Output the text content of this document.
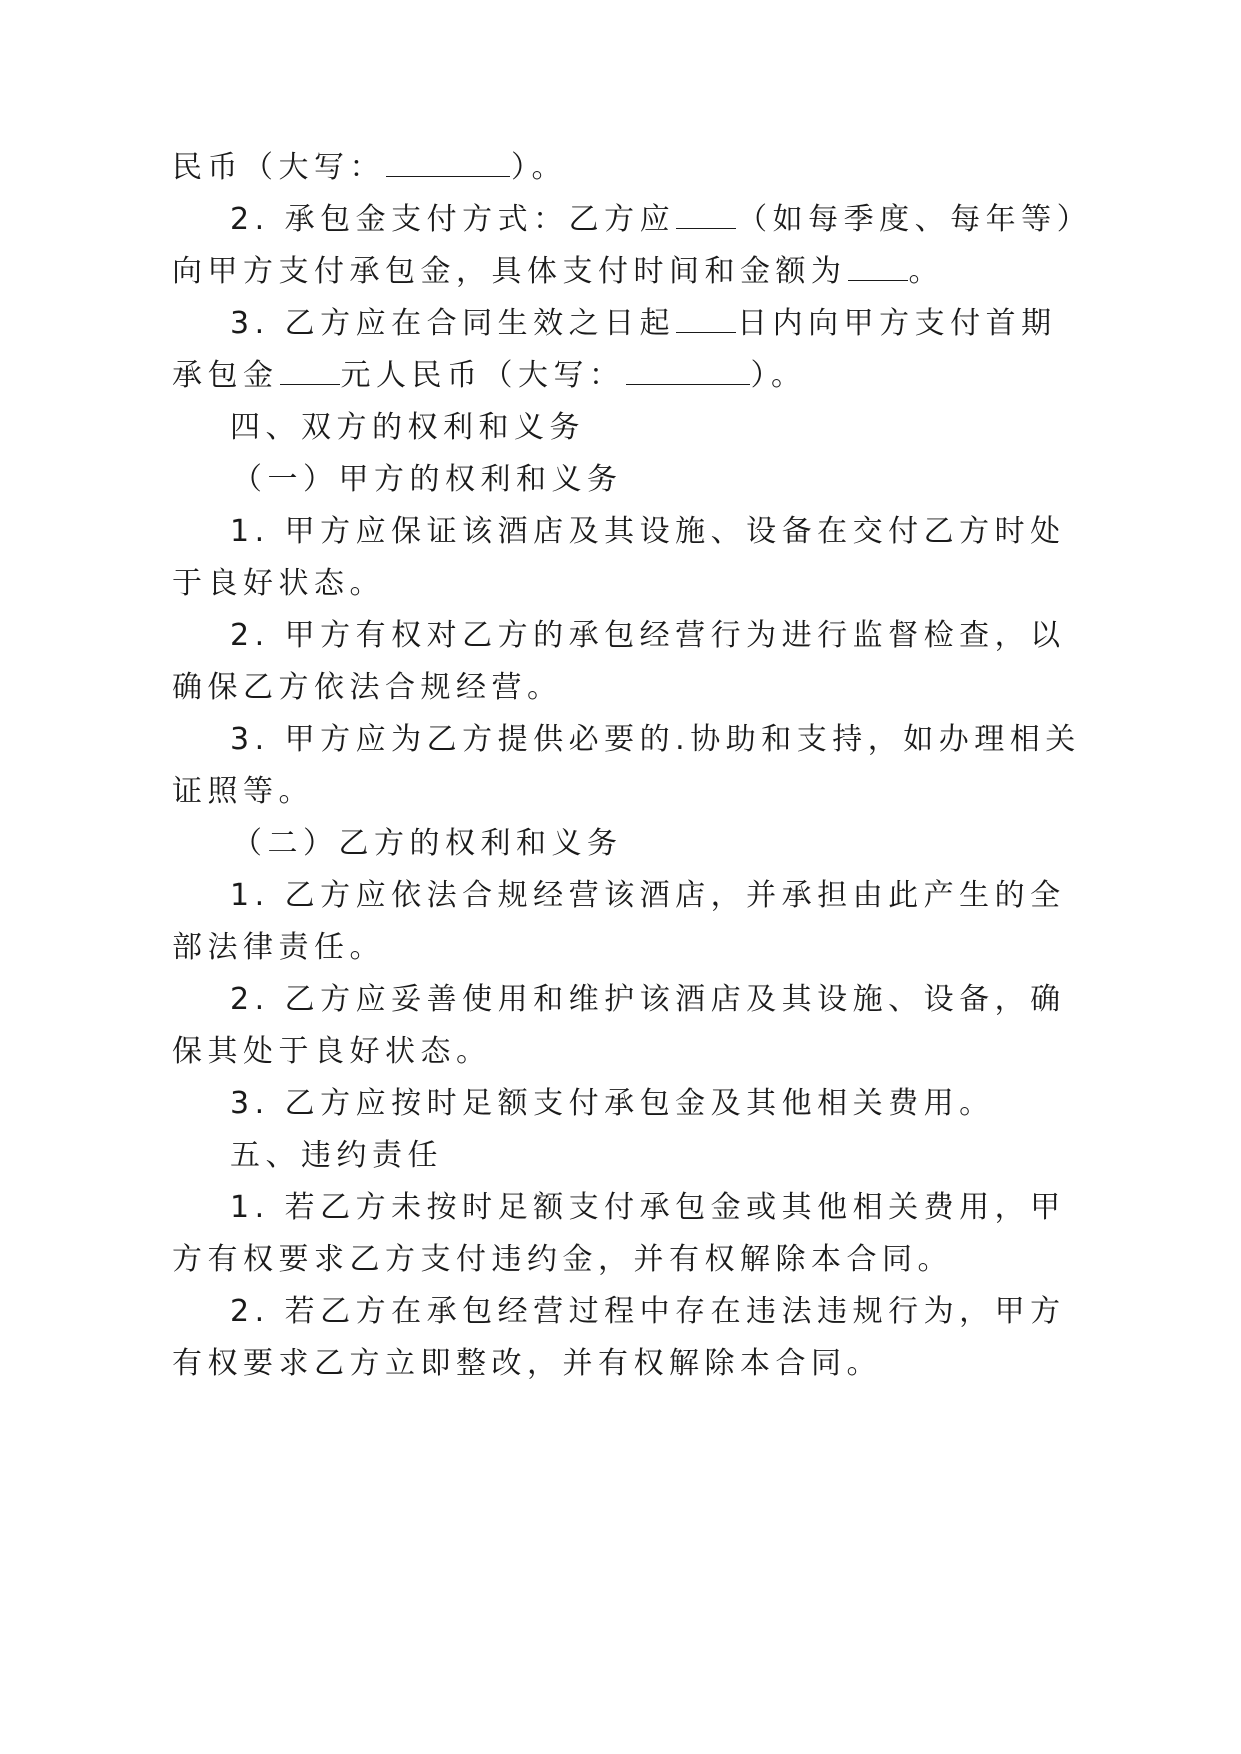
民币（大写：	）。
2. 承包金支付方式：乙方应 （如每季度、每年等）
向甲方支付承包金，具体支付时间和金额为 。
3. 乙方应在合同生效之日起 日内向甲方支付首期
承包金 元人民币（大写：	）。
四、双方的权利和义务
（一）甲方的权利和义务
1. 甲方应保证该酒店及其设施、设备在交付乙方时处
于良好状态。
2. 甲方有权对乙方的承包经营行为进行监督检查，以
确保乙方依法合规经营。
3. 甲方应为乙方提供必要的.协助和支持，如办理相关
证照等。
（二）乙方的权利和义务
1. 乙方应依法合规经营该酒店，并承担由此产生的全
部法律责任。
2. 乙方应妥善使用和维护该酒店及其设施、设备，确
保其处于良好状态。
3. 乙方应按时足额支付承包金及其他相关费用。
五、违约责任
1. 若乙方未按时足额支付承包金或其他相关费用，甲
方有权要求乙方支付违约金，并有权解除本合同。
2. 若乙方在承包经营过程中存在违法违规行为，甲方
有权要求乙方立即整改，并有权解除本合同。
